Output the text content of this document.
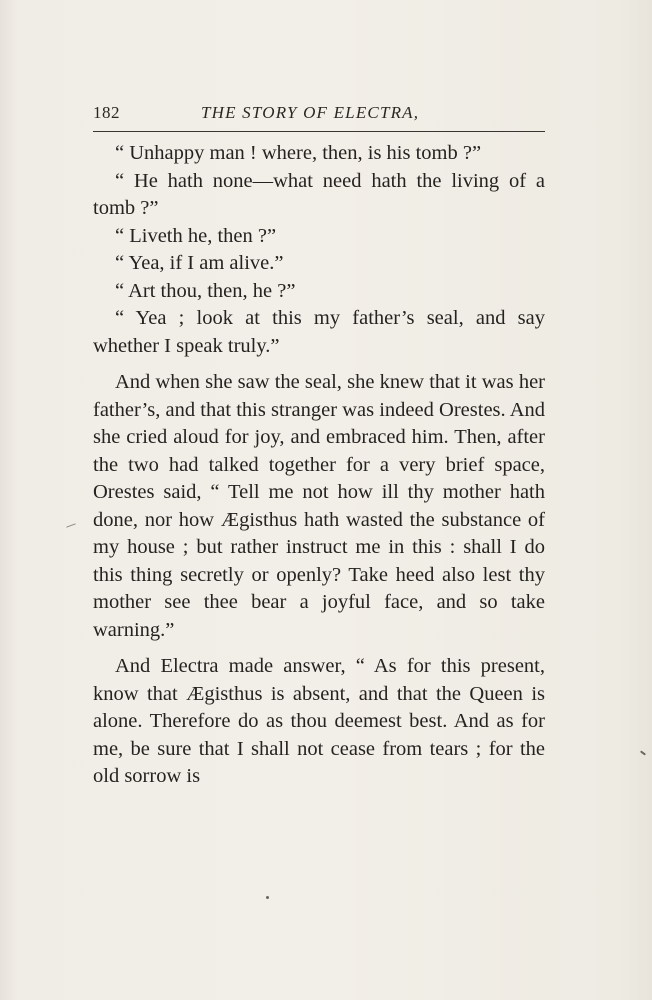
182	THE STORY OF ELECTRA,

“ Unhappy man ! where, then, is his tomb ?”

“ He hath none—what need hath the living of a tomb ?”

“ Liveth he, then ?”

“ Yea, if I am alive.”

“ Art thou, then, he ?”

“ Yea ; look at this my father’s seal, and say whether I speak truly.”

And when she saw the seal, she knew that it was her father’s, and that this stranger was indeed Orestes. And she cried aloud for joy, and embraced him. Then, after the two had talked together for a very brief space, Orestes said, “ Tell me not how ill thy mother hath done, nor how Ægisthus hath wasted the substance of my house ; but rather instruct me in this : shall I do this thing secretly or openly? Take heed also lest thy mother see thee bear a joyful face, and so take warning.”

And Electra made answer, “ As for this present, know that Ægisthus is absent, and that the Queen is alone. Therefore do as thou deemest best. And as for me, be sure that I shall not cease from tears ; for the old sorrow is
